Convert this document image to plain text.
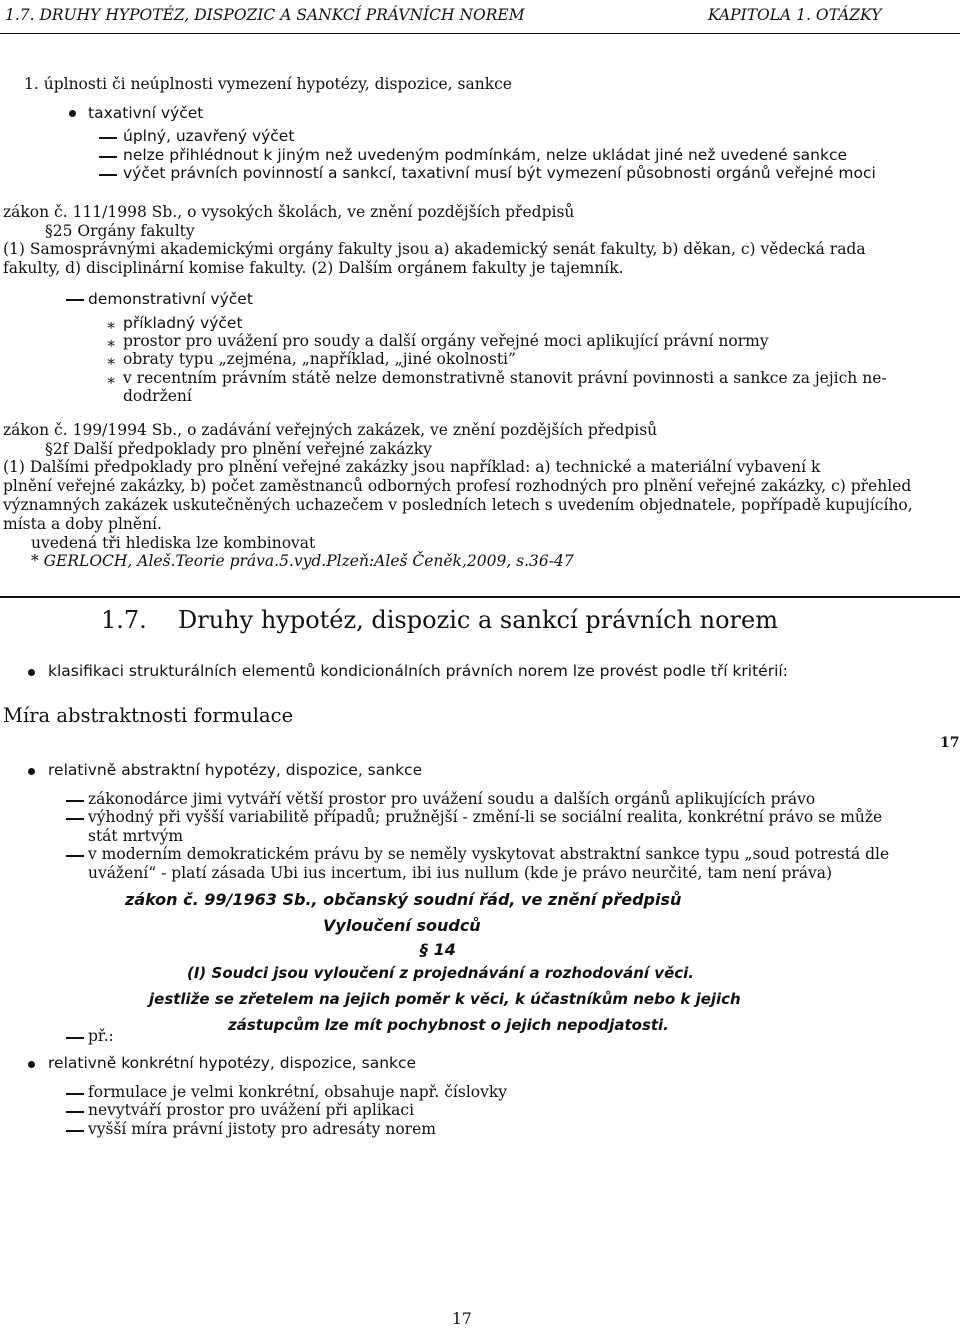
1.7. DRUHY HYPOTÉZ, DISPOZIC A SANKCÍ PRÁVNÍCH NOREM	KAPITOLA 1. OTÁZKY
1. úplnosti či neúplnosti vymezení hypotézy, dispozice, sankce
taxativní výčet
úplný, uzavřený výčet
nelze přihlédnout k jiným než uvedeným podmínkám, nelze ukládat jiné než uvedené sankce
výčet právních povinností a sankcí, taxativní musí být vymezení působnosti orgánů veřejné moci
zákon č. 111/1998 Sb., o vysokých školách, ve znění pozdějších předpisů
§25 Orgány fakulty
(1) Samosprávnými akademickými orgány fakulty jsou a) akademický senát fakulty, b) děkan, c) vědecká rada
fakulty, d) disciplinární komise fakulty. (2) Dalším orgánem fakulty je tajemník.
demonstrativní výčet
∗ příkladný výčet
∗ prostor pro uvážení pro soudy a další orgány veřejné moci aplikující právní normy
∗ obraty typu „zejména, „například, „jiné okolnosti”
∗ v recentním právním státě nelze demonstrativně stanovit právní povinnosti a sankce za jejich ne-
dodržení
zákon č. 199/1994 Sb., o zadávání veřejných zakázek, ve znění pozdějších předpisů
§2f Další předpoklady pro plnění veřejné zakázky
(1) Dalšími předpoklady pro plnění veřejné zakázky jsou například: a) technické a materiální vybavení k
plnění veřejné zakázky, b) počet zaměstnanců odborných profesí rozhodných pro plnění veřejné zakázky, c) přehled
významných zakázek uskutečněných uchazečem v posledních letech s uvedením objednatele, popřípadě kupujícího,
místa a doby plnění.
uvedená tři hlediska lze kombinovat
* GERLOCH, Aleš.Teorie práva.5.vyd.Plzeň:Aleš Čeněk,2009, s.36-47
1.7. Druhy hypotéz, dispozic a sankcí právních norem
klasifikaci strukturálních elementů kondicionálních právních norem lze provést podle tří kritérií:
Míra abstraktnosti formulace
17
relativně abstraktní hypotézy, dispozice, sankce
zákonodárce jimi vytváří větší prostor pro uvážení soudu a dalších orgánů aplikujících právo
výhodný při vyšší variabilitě případů; pružnější - změní-li se sociální realita, konkrétní právo se může
stát mrtvým
v moderním demokratickém právu by se neměly vyskytovat abstraktní sankce typu „soud potrestá dle
uvážení“ - platí zásada Ubi ius incertum, ibi ius nullum (kde je právo neurčité, tam není práva)
zákon č. 99/1963 Sb., občanský soudní řád, ve znění předpisů
Vyloučení soudců
§ 14
(I) Soudci jsou vyloučení z projednávání a rozhodování věci.
jestliže se zřetelem na jejich poměr k věci, k účastníkům nebo k jejich
zástupcům lze mít pochybnost o jejich nepodjatosti.
př.:
relativně konkrétní hypotézy, dispozice, sankce
formulace je velmi konkrétní, obsahuje např. číslovky
nevytváří prostor pro uvážení při aplikaci
vyšší míra právní jistoty pro adresáty norem
17
